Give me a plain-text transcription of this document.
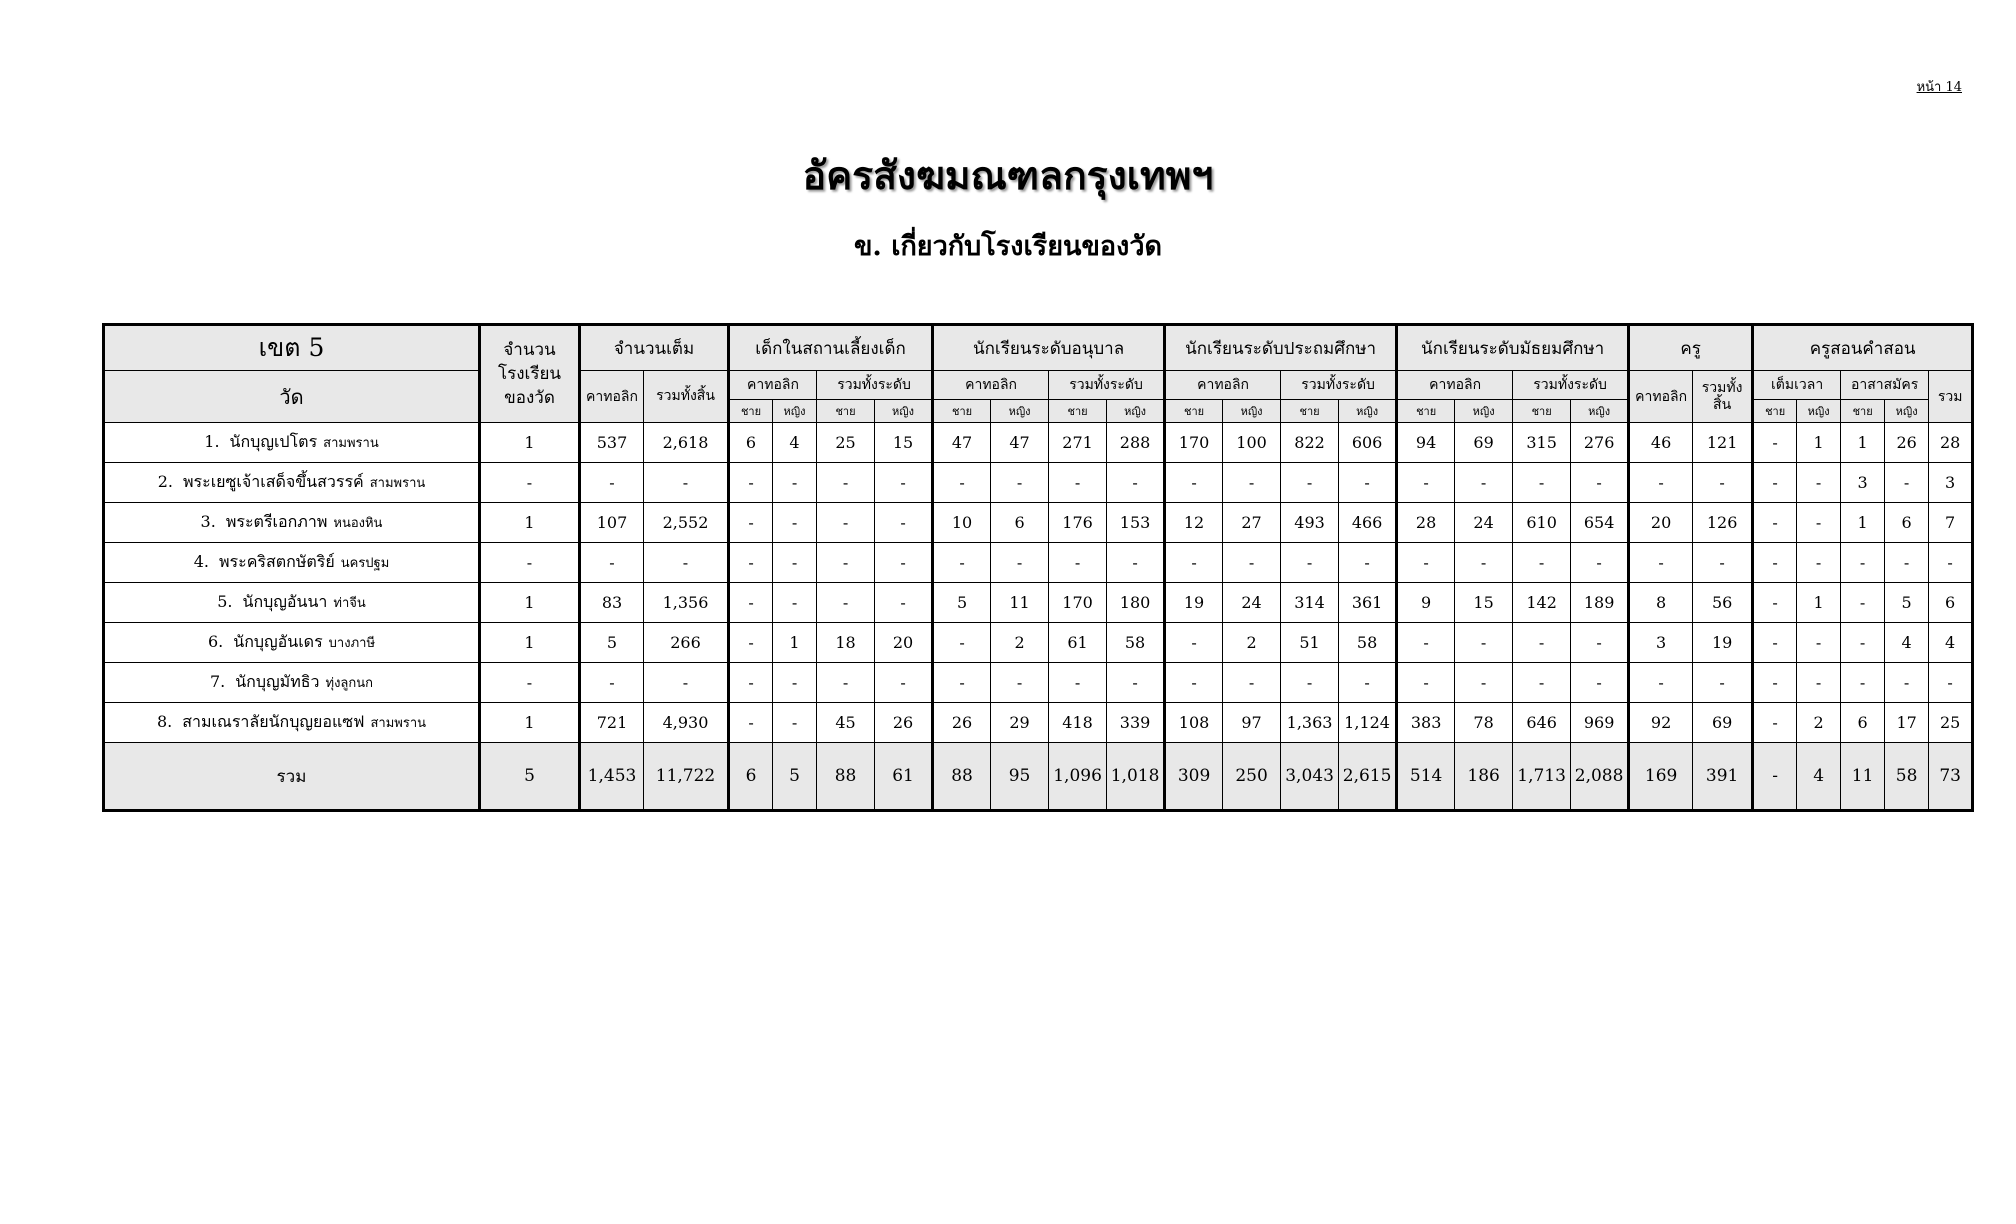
หน้า 14
อัครสังฆมณฑลกรุงเทพฯ
ข. เกี่ยวกับโรงเรียนของวัด
เขต 5	จำนวนโรงเรียนของวัด	จำนวนเต็ม		เด็กในสถานเลี้ยงเด็ก				นักเรียนระดับอนุบาล				นักเรียนระดับประถมศึกษา				นักเรียนระดับมัธยมศึกษา				ครู		ครูสอนคำสอน				
วัด		คาทอลิก	รวมทั้งสิ้น	คาทอลิก		รวมทั้งระดับ		คาทอลิก		รวมทั้งระดับ		คาทอลิก		รวมทั้งระดับ		คาทอลิก		รวมทั้งระดับ		คาทอลิก	รวมทั้งสิ้น	เต็มเวลา		อาสาสมัคร		รวม
				ชาย	หญิง	ชาย	หญิง	ชาย	หญิง	ชาย	หญิง	ชาย	หญิง	ชาย	หญิง	ชาย	หญิง	ชาย	หญิง			ชาย	หญิง	ชาย	หญิง	
1. นักบุญเปโตร สามพราน	1	537	2,618	6	4	25	15	47	47	271	288	170	100	822	606	94	69	315	276	46	121	-	1	1	26	28
2. พระเยซูเจ้าเสด็จขึ้นสวรรค์ สามพราน	-	-	-	-	-	-	-	-	-	-	-	-	-	-	-	-	-	-	-	-	-	-	-	3	-	3
3. พระตรีเอกภาพ หนองหิน	1	107	2,552	-	-	-	-	10	6	176	153	12	27	493	466	28	24	610	654	20	126	-	-	1	6	7
4. พระคริสตกษัตริย์ นครปฐม	-	-	-	-	-	-	-	-	-	-	-	-	-	-	-	-	-	-	-	-	-	-	-	-	-	-
5. นักบุญอันนา ท่าจีน	1	83	1,356	-	-	-	-	5	11	170	180	19	24	314	361	9	15	142	189	8	56	-	1	-	5	6
6. นักบุญอันเดร บางภาษี	1	5	266	-	1	18	20	-	2	61	58	-	2	51	58	-	-	-	-	3	19	-	-	-	4	4
7. นักบุญมัทธิว ทุ่งลูกนก	-	-	-	-	-	-	-	-	-	-	-	-	-	-	-	-	-	-	-	-	-	-	-	-	-	-
8. สามเณราลัยนักบุญยอแซฟ สามพราน	1	721	4,930	-	-	45	26	26	29	418	339	108	97	1,363	1,124	383	78	646	969	92	69	-	2	6	17	25
รวม	5	1,453	11,722	6	5	88	61	88	95	1,096	1,018	309	250	3,043	2,615	514	186	1,713	2,088	169	391	-	4	11	58	73
